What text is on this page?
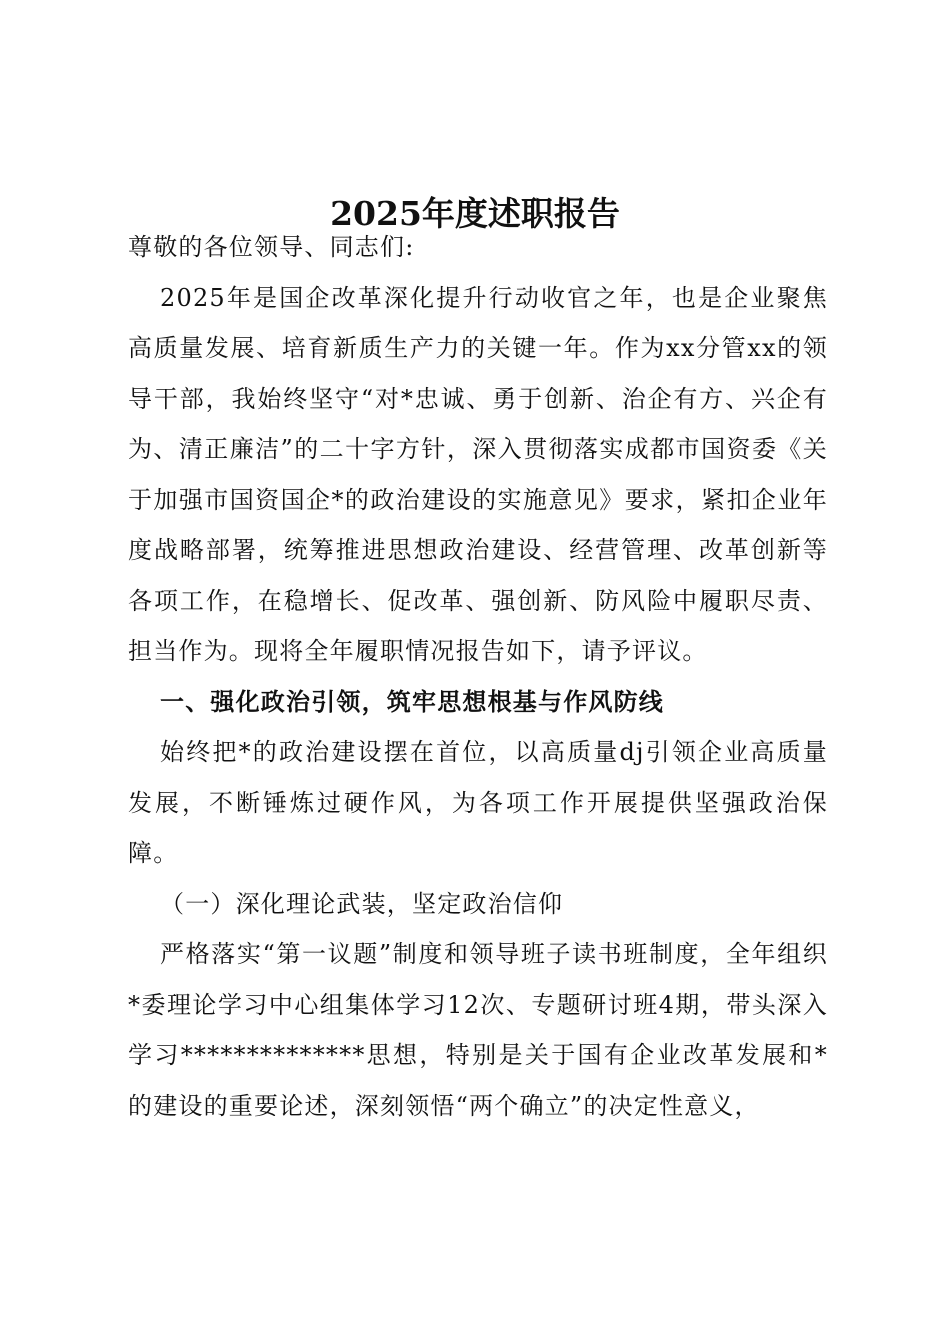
2025年度述职报告

尊敬的各位领导、同志们:

2025年是国企改革深化提升行动收官之年，也是企业聚焦高质量发展、培育新质生产力的关键一年。作为xx分管xx的领导干部，我始终坚守“对*忠诚、勇于创新、治企有方、兴企有为、清正廉洁”的二十字方针，深入贯彻落实成都市国资委《关于加强市国资国企*的政治建设的实施意见》要求，紧扣企业年度战略部署，统筹推进思想政治建设、经营管理、改革创新等各项工作，在稳增长、促改革、强创新、防风险中履职尽责、担当作为。现将全年履职情况报告如下，请予评议。

一、强化政治引领，筑牢思想根基与作风防线

始终把*的政治建设摆在首位，以高质量dj引领企业高质量发展，不断锤炼过硬作风，为各项工作开展提供坚强政治保障。

（一）深化理论武装，坚定政治信仰

严格落实“第一议题”制度和领导班子读书班制度，全年组织*委理论学习中心组集体学习12次、专题研讨班4期，带头深入学习**************思想，特别是关于国有企业改革发展和*的建设的重要论述，深刻领悟“两个确立”的决定性意义，
